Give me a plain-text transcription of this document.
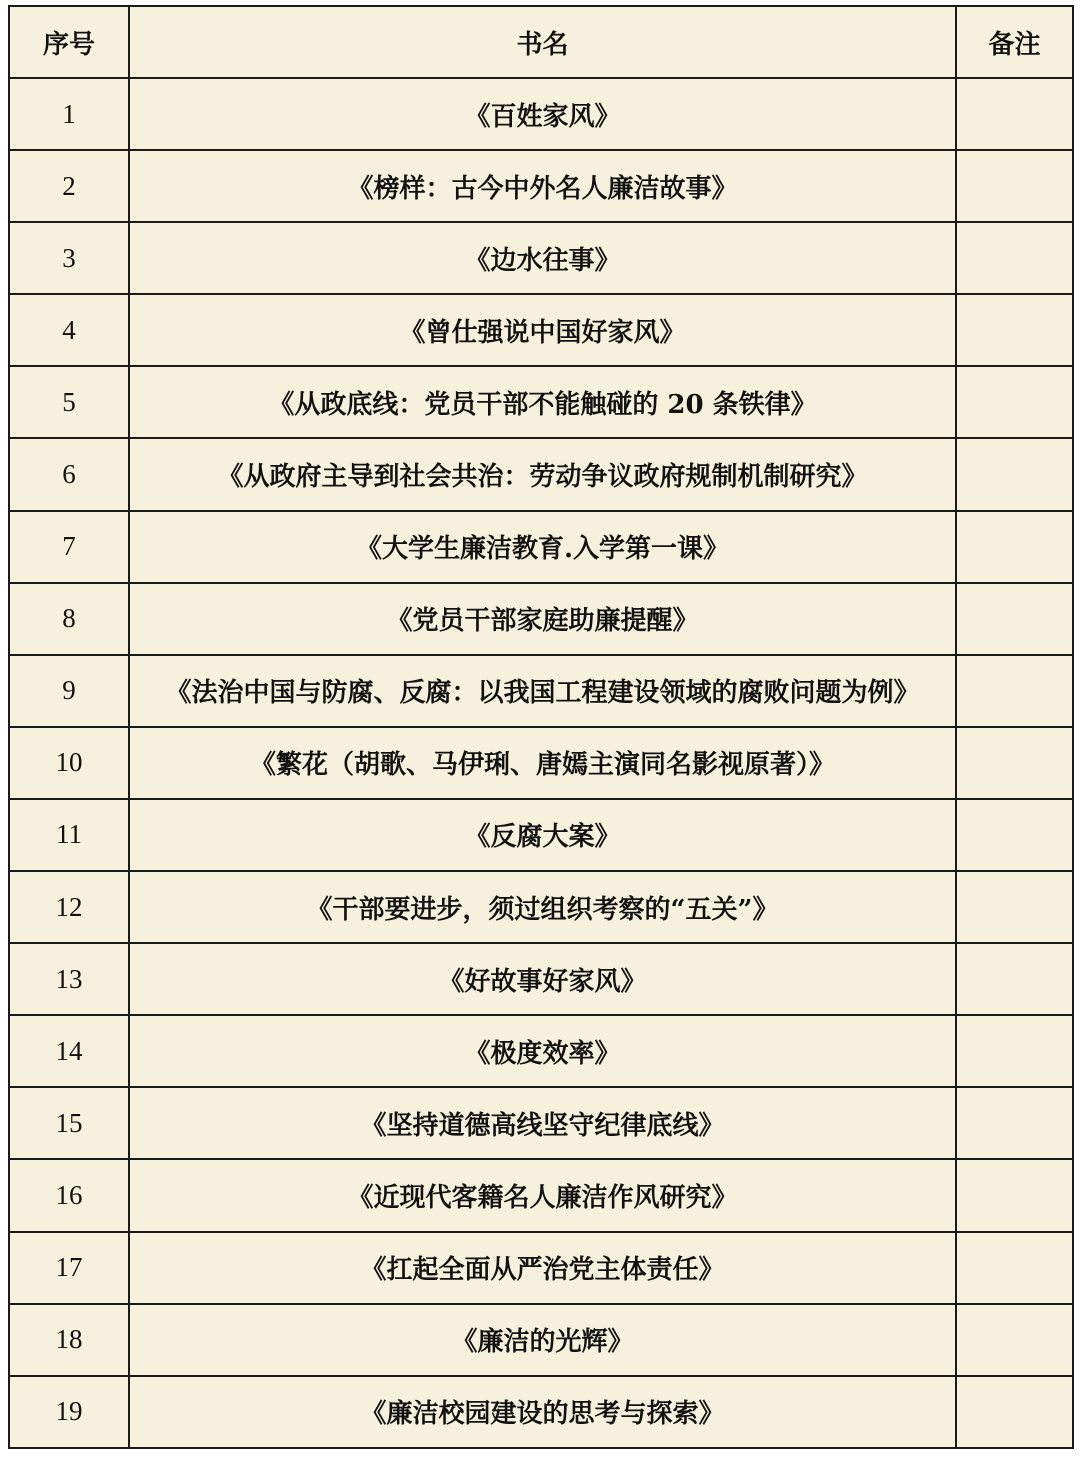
序号	书名	备注
1	《百姓家风》	
2	《榜样：古今中外名人廉洁故事》	
3	《边水往事》	
4	《曾仕强说中国好家风》	
5	《从政底线：党员干部不能触碰的 20 条铁律》	
6	《从政府主导到社会共治：劳动争议政府规制机制研究》	
7	《大学生廉洁教育.入学第一课》	
8	《党员干部家庭助廉提醒》	
9	《法治中国与防腐、反腐：以我国工程建设领域的腐败问题为例》	
10	《繁花（胡歌、马伊琍、唐嫣主演同名影视原著）》	
11	《反腐大案》	
12	《干部要进步，须过组织考察的“五关”》	
13	《好故事好家风》	
14	《极度效率》	
15	《坚持道德高线坚守纪律底线》	
16	《近现代客籍名人廉洁作风研究》	
17	《扛起全面从严治党主体责任》	
18	《廉洁的光辉》	
19	《廉洁校园建设的思考与探索》	
